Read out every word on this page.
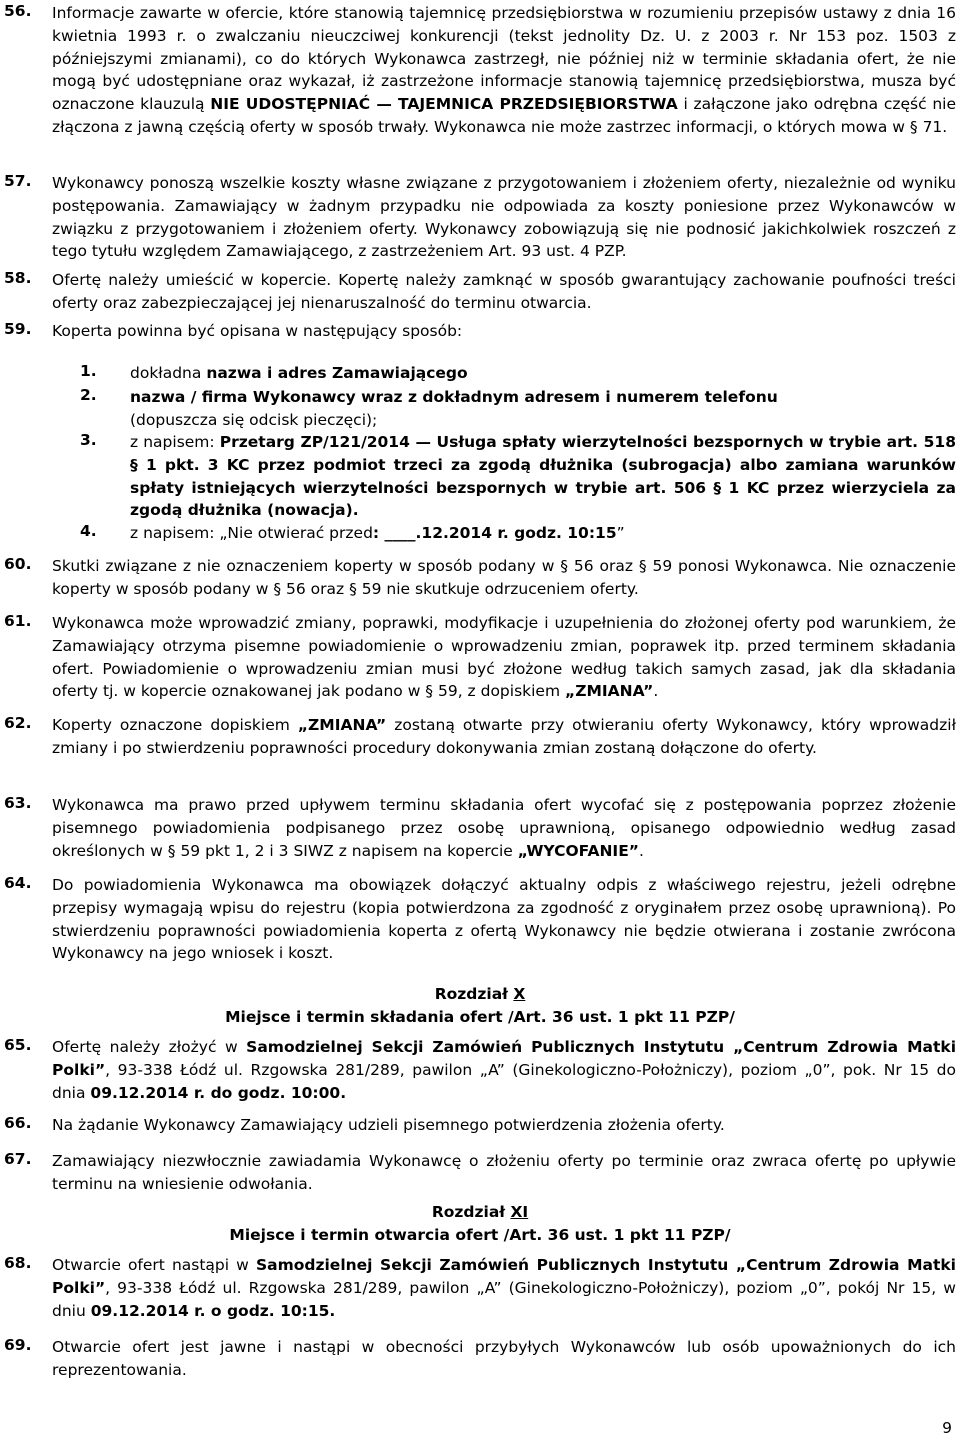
56. Informacje zawarte w ofercie, które stanowią tajemnicę przedsiębiorstwa w rozumieniu przepisów ustawy z dnia 16 kwietnia 1993 r. o zwalczaniu nieuczciwej konkurencji (tekst jednolity Dz. U. z 2003 r. Nr 153 poz. 1503 z późniejszymi zmianami), co do których Wykonawca zastrzegł, nie później niż w terminie składania ofert, że nie mogą być udostępniane oraz wykazał, iż zastrzeżone informacje stanowią tajemnicę przedsiębiorstwa, musza być oznaczone klauzulą NIE UDOSTĘPNIAĆ — TAJEMNICA PRZEDSIĘBIORSTWA i załączone jako odrębna część nie złączona z jawną częścią oferty w sposób trwały. Wykonawca nie może zastrzec informacji, o których mowa w § 71.
57. Wykonawcy ponoszą wszelkie koszty własne związane z przygotowaniem i złożeniem oferty, niezależnie od wyniku postępowania. Zamawiający w żadnym przypadku nie odpowiada za koszty poniesione przez Wykonawców w związku z przygotowaniem i złożeniem oferty. Wykonawcy zobowiązują się nie podnosić jakichkolwiek roszczeń z tego tytułu względem Zamawiającego, z zastrzeżeniem Art. 93 ust. 4 PZP.
58. Ofertę należy umieścić w kopercie. Kopertę należy zamknąć w sposób gwarantujący zachowanie poufności treści oferty oraz zabezpieczającej jej nienaruszalność do terminu otwarcia.
59. Koperta powinna być opisana w następujący sposób:
1. dokładna nazwa i adres Zamawiającego
2. nazwa / firma Wykonawcy wraz z dokładnym adresem i numerem telefonu
(dopuszcza się odcisk pieczęci);
3. z napisem: Przetarg ZP/121/2014 — Usługa spłaty wierzytelności bezspornych w trybie art. 518 § 1 pkt. 3 KC przez podmiot trzeci za zgodą dłużnika (subrogacja) albo zamiana warunków spłaty istniejących wierzytelności bezspornych w trybie art. 506 § 1 KC przez wierzyciela za zgodą dłużnika (nowacja).
4. z napisem: „Nie otwierać przed: ____.12.2014 r. godz. 10:15”
60. Skutki związane z nie oznaczeniem koperty w sposób podany w § 56 oraz § 59 ponosi Wykonawca. Nie oznaczenie koperty w sposób podany w § 56 oraz § 59 nie skutkuje odrzuceniem oferty.
61. Wykonawca może wprowadzić zmiany, poprawki, modyfikacje i uzupełnienia do złożonej oferty pod warunkiem, że Zamawiający otrzyma pisemne powiadomienie o wprowadzeniu zmian, poprawek itp. przed terminem składania ofert. Powiadomienie o wprowadzeniu zmian musi być złożone według takich samych zasad, jak dla składania oferty tj. w kopercie oznakowanej jak podano w § 59, z dopiskiem „ZMIANA”.
62. Koperty oznaczone dopiskiem „ZMIANA” zostaną otwarte przy otwieraniu oferty Wykonawcy, który wprowadził zmiany i po stwierdzeniu poprawności procedury dokonywania zmian zostaną dołączone do oferty.
63. Wykonawca ma prawo przed upływem terminu składania ofert wycofać się z postępowania poprzez złożenie pisemnego powiadomienia podpisanego przez osobę uprawnioną, opisanego odpowiednio według zasad określonych w § 59 pkt 1, 2 i 3 SIWZ z napisem na kopercie „WYCOFANIE”.
64. Do powiadomienia Wykonawca ma obowiązek dołączyć aktualny odpis z właściwego rejestru, jeżeli odrębne przepisy wymagają wpisu do rejestru (kopia potwierdzona za zgodność z oryginałem przez osobę uprawnioną). Po stwierdzeniu poprawności powiadomienia koperta z ofertą Wykonawcy nie będzie otwierana i zostanie zwrócona Wykonawcy na jego wniosek i koszt.
Rozdział X
Miejsce i termin składania ofert /Art. 36 ust. 1 pkt 11 PZP/
65. Ofertę należy złożyć w Samodzielnej Sekcji Zamówień Publicznych Instytutu „Centrum Zdrowia Matki Polki”, 93-338 Łódź ul. Rzgowska 281/289, pawilon „A” (Ginekologiczno-Położniczy), poziom „0”, pok. Nr 15 do dnia 09.12.2014 r. do godz. 10:00.
66. Na żądanie Wykonawcy Zamawiający udzieli pisemnego potwierdzenia złożenia oferty.
67. Zamawiający niezwłocznie zawiadamia Wykonawcę o złożeniu oferty po terminie oraz zwraca ofertę po upływie terminu na wniesienie odwołania.
Rozdział XI
Miejsce i termin otwarcia ofert /Art. 36 ust. 1 pkt 11 PZP/
68. Otwarcie ofert nastąpi w Samodzielnej Sekcji Zamówień Publicznych Instytutu „Centrum Zdrowia Matki Polki”, 93-338 Łódź ul. Rzgowska 281/289, pawilon „A” (Ginekologiczno-Położniczy), poziom „0”, pokój Nr 15, w dniu 09.12.2014 r. o godz. 10:15.
69. Otwarcie ofert jest jawne i nastąpi w obecności przybyłych Wykonawców lub osób upoważnionych do ich reprezentowania.
9
